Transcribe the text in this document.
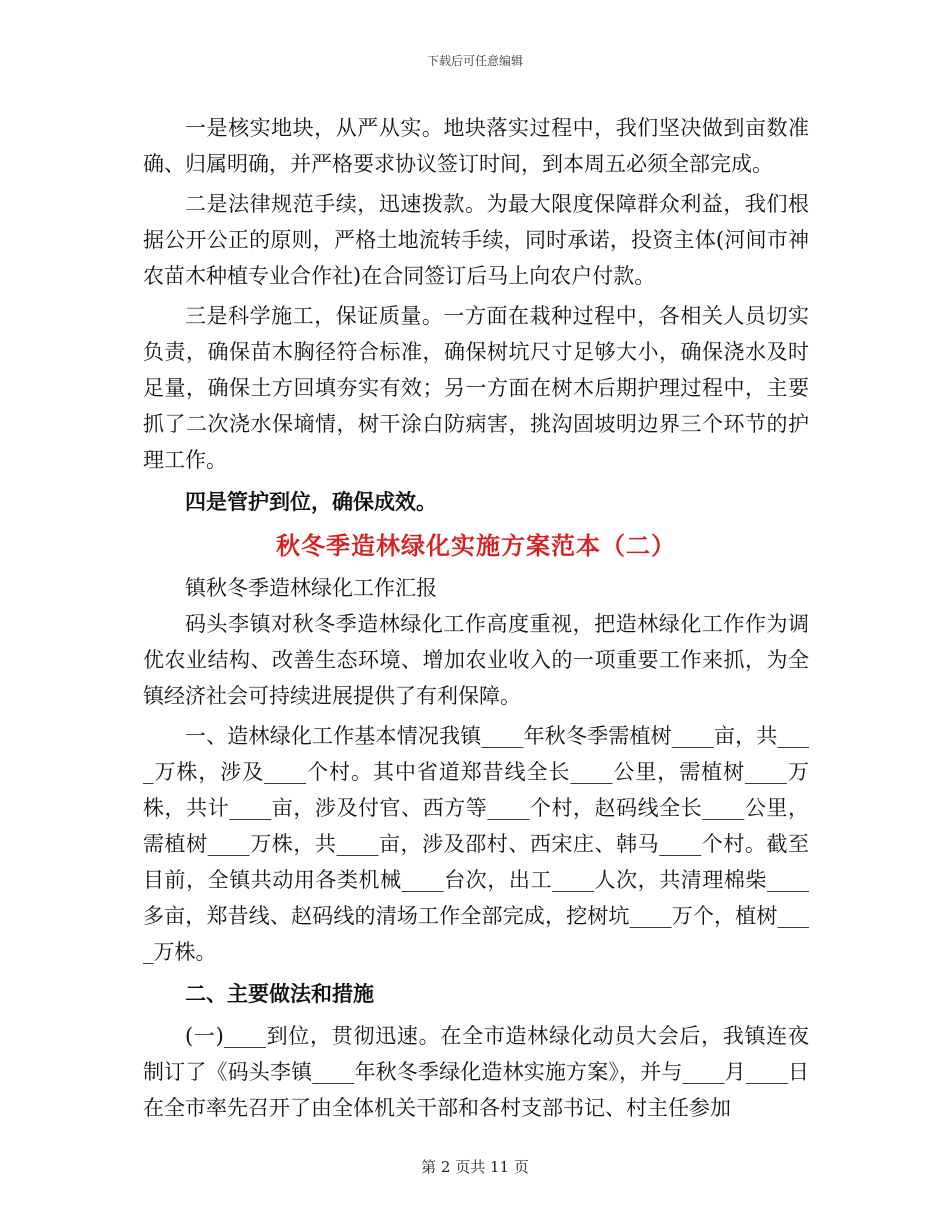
下载后可任意编辑

一是核实地块，从严从实。地块落实过程中，我们坚决做到亩数准确、归属明确，并严格要求协议签订时间，到本周五必须全部完成。

二是法律规范手续，迅速拨款。为最大限度保障群众利益，我们根据公开公正的原则，严格土地流转手续，同时承诺，投资主体(河间市神农苗木种植专业合作社)在合同签订后马上向农户付款。

三是科学施工，保证质量。一方面在栽种过程中，各相关人员切实负责，确保苗木胸径符合标准，确保树坑尺寸足够大小，确保浇水及时足量，确保土方回填夯实有效；另一方面在树木后期护理过程中，主要抓了二次浇水保墒情，树干涂白防病害，挑沟固坡明边界三个环节的护理工作。

四是管护到位，确保成效。

秋冬季造林绿化实施方案范本（二）

镇秋冬季造林绿化工作汇报

码头李镇对秋冬季造林绿化工作高度重视，把造林绿化工作作为调优农业结构、改善生态环境、增加农业收入的一项重要工作来抓，为全镇经济社会可持续进展提供了有利保障。

一、造林绿化工作基本情况我镇____年秋冬季需植树____亩，共____万株，涉及____个村。其中省道郑昔线全长____公里，需植树____万株，共计____亩，涉及付官、西方等____个村，赵码线全长____公里，需植树____万株，共____亩，涉及邵村、西宋庄、韩马____个村。截至目前，全镇共动用各类机械____台次，出工____人次，共清理棉柴____多亩，郑昔线、赵码线的清场工作全部完成，挖树坑____万个，植树____万株。

二、主要做法和措施

(一)____到位，贯彻迅速。在全市造林绿化动员大会后，我镇连夜制订了《码头李镇____年秋冬季绿化造林实施方案》，并与____月____日在全市率先召开了由全体机关干部和各村支部书记、村主任参加

第 2 页共 11 页
